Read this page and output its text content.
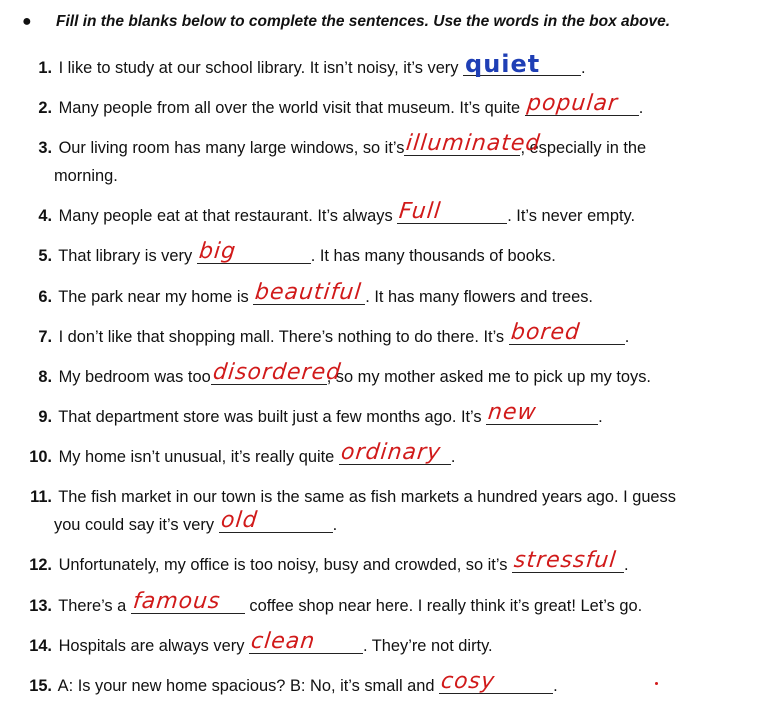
● Fill in the blanks below to complete the sentences. Use the words in the box above.
1. I like to study at our school library. It isn’t noisy, it’s very quiet .
2. Many people from all over the world visit that museum. It’s quite popular .
3. Our living room has many large windows, so it’s illuminated
, especially in the
morning.
4. Many people eat at that restaurant. It’s always Full	. It’s never empty.
5. That library is very big	. It has many thousands of books.
6. The park near my home is beautiful . It has many flowers and trees.
7. I don’t like that shopping mall. There’s nothing to do there. It’s bored	.
8. My bedroom was too disordered
, so my mother asked me to pick up my toys.
9. That department store was built just a few months ago. It’s new	.
10. My home isn’t unusual, it’s really quite ordinary .
11. The fish market in our town is the same as fish markets a hundred years ago. I guess
you could say it’s very old	.
12. Unfortunately, my office is too noisy, busy and crowded, so it’s stressful .
13. There’s a famous coffee shop near here. I really think it’s great! Let’s go.
14. Hospitals are always very clean	. They’re not dirty.
15. A: Is your new home spacious? B: No, it’s small and cosy	.
